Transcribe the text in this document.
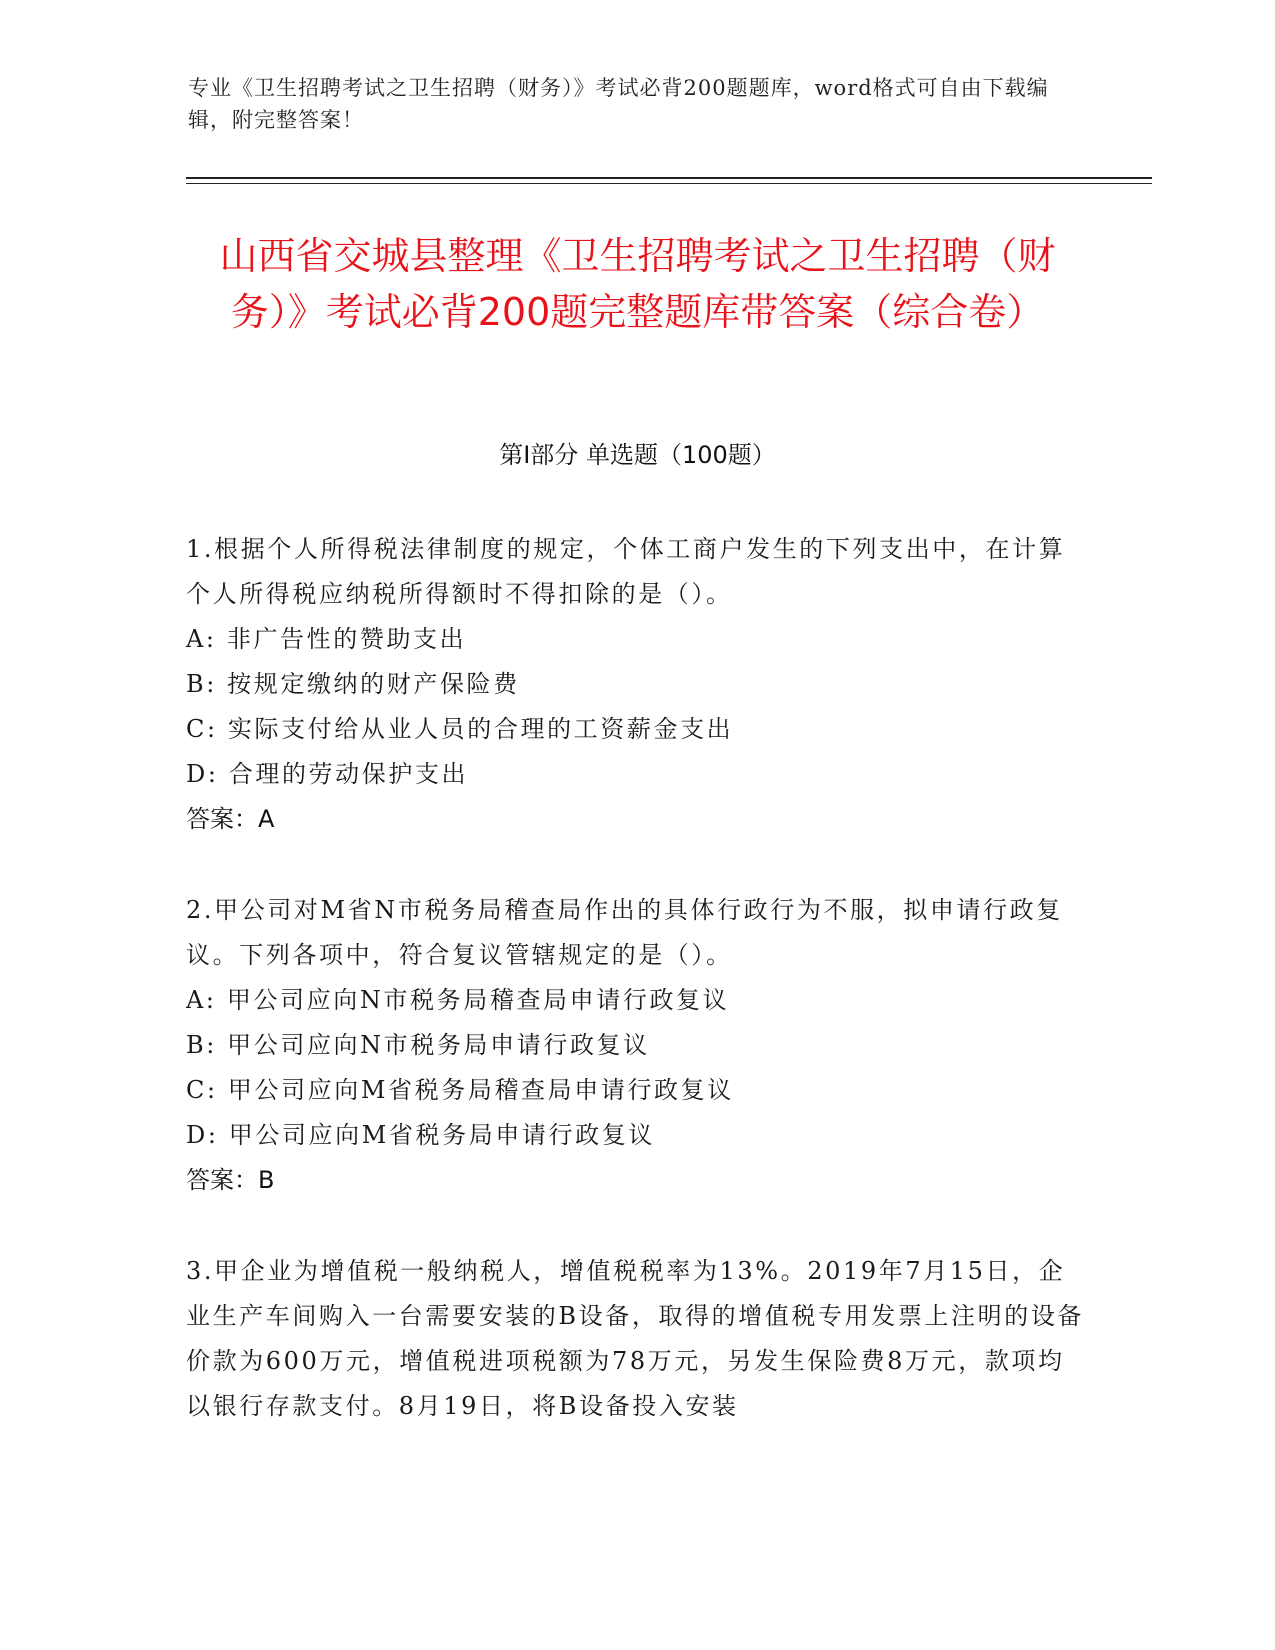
专业《卫生招聘考试之卫生招聘（财务）》考试必背200题题库，word格式可自由下载编辑，附完整答案！
山西省交城县整理《卫生招聘考试之卫生招聘（财务）》考试必背200题完整题库带答案（综合卷）
第Ⅰ部分 单选题（100题）

1.根据个人所得税法律制度的规定，个体工商户发生的下列支出中，在计算个人所得税应纳税所得额时不得扣除的是（）。

A: 非广告性的赞助支出

B: 按规定缴纳的财产保险费

C: 实际支付给从业人员的合理的工资薪金支出

D: 合理的劳动保护支出

答案：A

2.甲公司对M省N市税务局稽查局作出的具体行政行为不服，拟申请行政复议。下列各项中，符合复议管辖规定的是（）。

A: 甲公司应向N市税务局稽查局申请行政复议

B: 甲公司应向N市税务局申请行政复议

C: 甲公司应向M省税务局稽查局申请行政复议

D: 甲公司应向M省税务局申请行政复议

答案：B

3.甲企业为增值税一般纳税人，增值税税率为13%。2019年7月15日，企业生产车间购入一台需要安装的B设备，取得的增值税专用发票上注明的设备价款为600万元，增值税进项税额为78万元，另发生保险费8万元，款项均以银行存款支付。8月19日，将B设备投入安装
